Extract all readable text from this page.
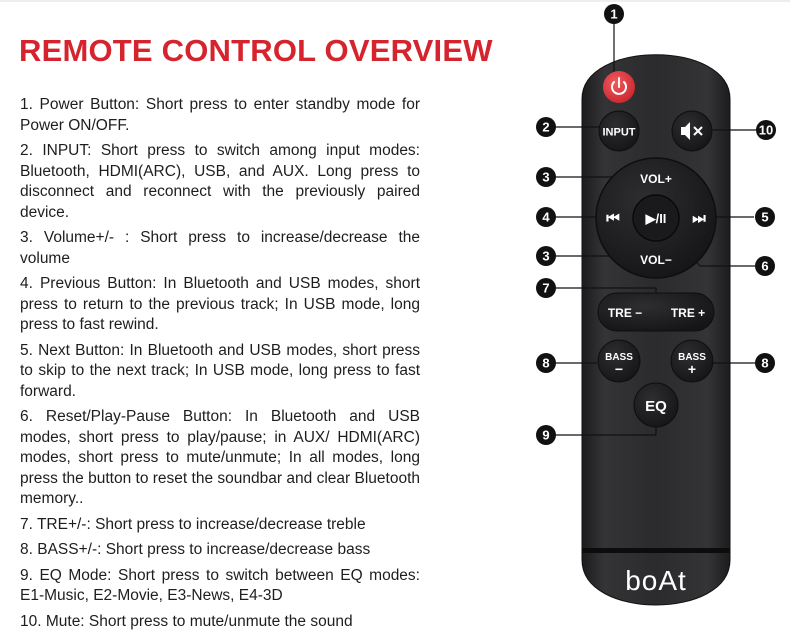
REMOTE CONTROL OVERVIEW

1. Power Button: Short press to enter standby mode for Power ON/OFF.

2. INPUT: Short press to switch among input modes: Bluetooth, HDMI(ARC), USB, and AUX. Long press to disconnect and reconnect with the previously paired device.

3. Volume+/- : Short press to increase/decrease the volume

4. Previous Button: In Bluetooth and USB modes, short press to return to the previous track; In USB mode, long press to fast rewind.

5. Next Button: In Bluetooth and USB modes, short press to skip to the next track; In USB mode, long press to fast forward.

6. Reset/Play-Pause Button: In Bluetooth and USB modes, short press to play/pause; in AUX/ HDMI(ARC) modes, short press to mute/unmute; In all modes, long press the button to reset the soundbar and clear Bluetooth memory..

7. TRE+/-: Short press to increase/decrease treble

8. BASS+/-: Short press to increase/decrease bass

9. EQ Mode: Short press to switch between EQ modes: E1-Music, E2-Movie, E3-News, E4-3D

10. Mute: Short press to mute/unmute the sound

INPUT
VOL+
VOL−
⏮	⏭
▶/II
TRE − TRE +
BASS
−
BASS
+
EQ
boAt
1
2
3
4	5
3
6
7
8	8
9
10
